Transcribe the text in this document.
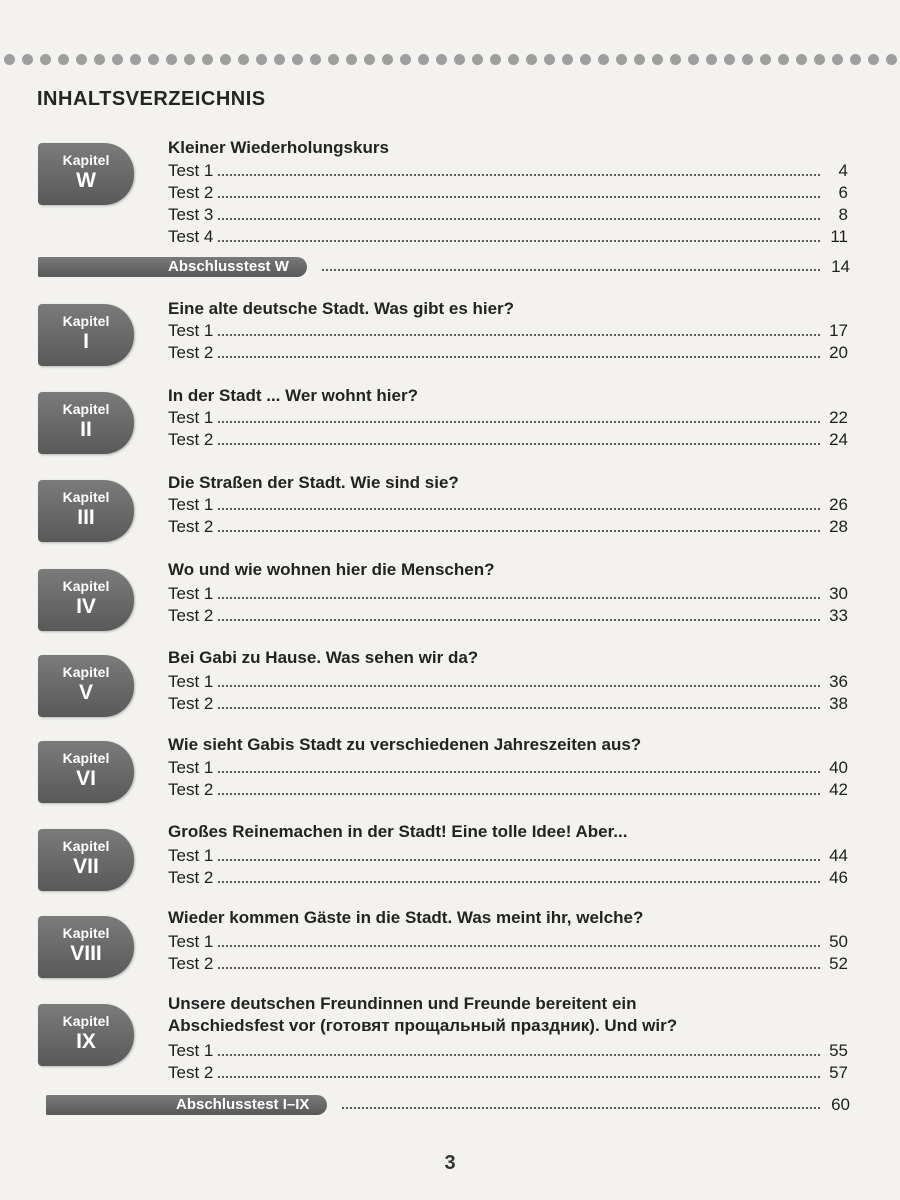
INHALTSVERZEICHNIS
Kapitel
W
Kleiner Wiederholungskurs
Test 1	4
Test 2	6
Test 3	8
Test 4	11
Abschlusstest W	14
Kapitel
I
Eine alte deutsche Stadt. Was gibt es hier?
Test 1	17
Test 2	20
Kapitel
II
In der Stadt ... Wer wohnt hier?
Test 1	22
Test 2	24
Kapitel
III
Die Straßen der Stadt. Wie sind sie?
Test 1	26
Test 2	28
Kapitel
IV
Wo und wie wohnen hier die Menschen?
Test 1	30
Test 2	33
Kapitel
V
Bei Gabi zu Hause. Was sehen wir da?
Test 1	36
Test 2	38
Kapitel
VI
Wie sieht Gabis Stadt zu verschiedenen Jahreszeiten aus?
Test 1	40
Test 2	42
Kapitel
VII
Großes Reinemachen in der Stadt! Eine tolle Idee! Aber...
Test 1	44
Test 2	46
Kapitel
VIII
Wieder kommen Gäste in die Stadt. Was meint ihr, welche?
Test 1	50
Test 2	52
Kapitel
IX
Unsere deutschen Freundinnen und Freunde bereitent ein
Abschiedsfest vor (готовят прощальный праздник). Und wir?
Test 1	55
Test 2	57
Abschlusstest I–IX	60
3
